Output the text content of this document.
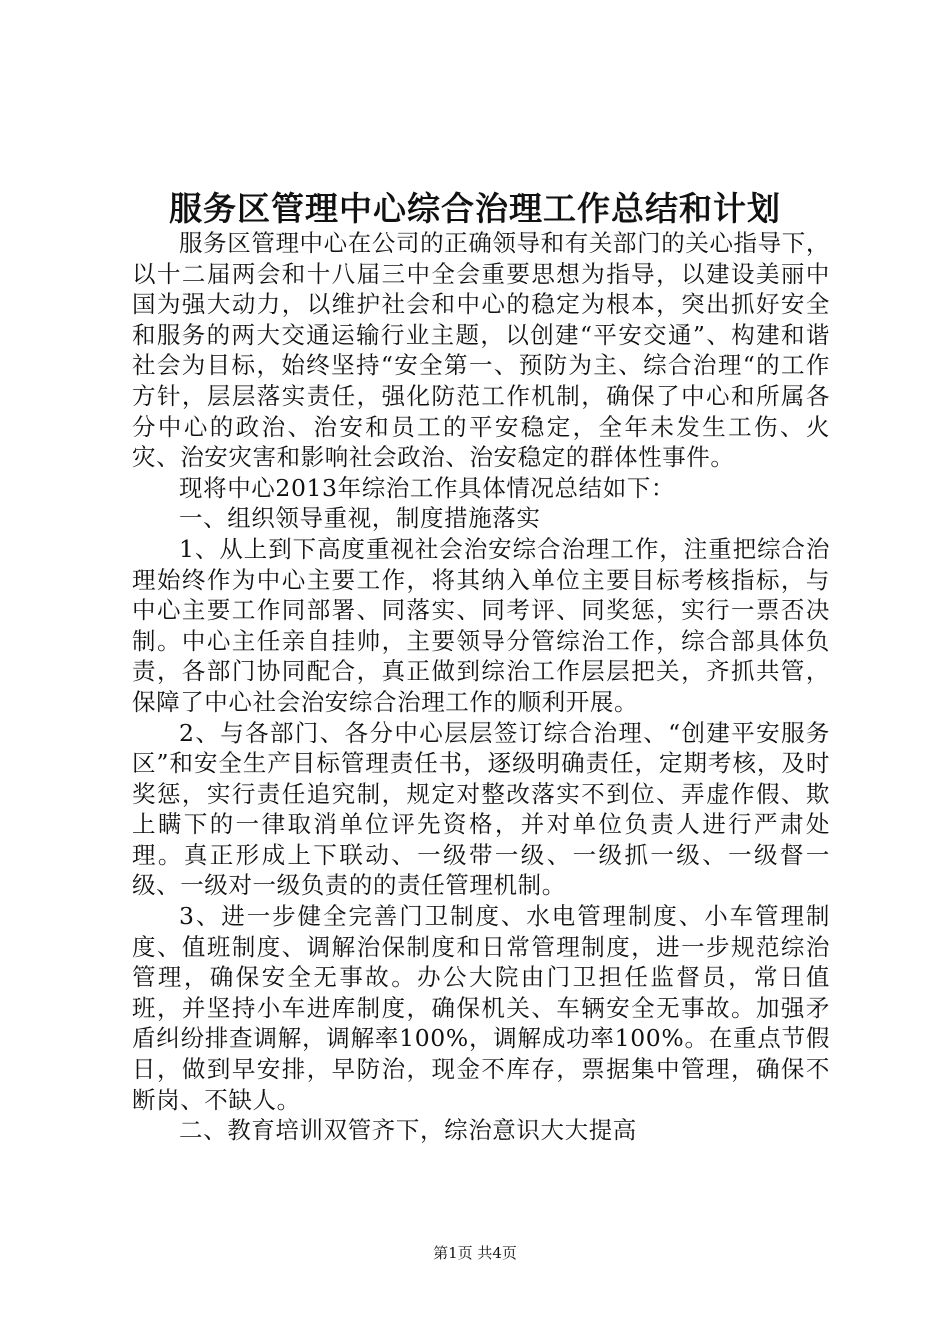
服务区管理中心综合治理工作总结和计划

服务区管理中心在公司的正确领导和有关部门的关心指导下，以十二届两会和十八届三中全会重要思想为指导，以建设美丽中国为强大动力，以维护社会和中心的稳定为根本，突出抓好安全和服务的两大交通运输行业主题，以创建“平安交通”、构建和谐社会为目标，始终坚持“安全第一、预防为主、综合治理“的工作方针，层层落实责任，强化防范工作机制，确保了中心和所属各分中心的政治、治安和员工的平安稳定，全年未发生工伤、火灾、治安灾害和影响社会政治、治安稳定的群体性事件。

现将中心2013年综治工作具体情况总结如下：

一、组织领导重视，制度措施落实

1、从上到下高度重视社会治安综合治理工作，注重把综合治理始终作为中心主要工作，将其纳入单位主要目标考核指标，与中心主要工作同部署、同落实、同考评、同奖惩，实行一票否决制。中心主任亲自挂帅，主要领导分管综治工作，综合部具体负责，各部门协同配合，真正做到综治工作层层把关，齐抓共管，保障了中心社会治安综合治理工作的顺利开展。

2、与各部门、各分中心层层签订综合治理、“创建平安服务区”和安全生产目标管理责任书，逐级明确责任，定期考核，及时奖惩，实行责任追究制，规定对整改落实不到位、弄虚作假、欺上瞒下的一律取消单位评先资格，并对单位负责人进行严肃处理。真正形成上下联动、一级带一级、一级抓一级、一级督一级、一级对一级负责的的责任管理机制。

3、进一步健全完善门卫制度、水电管理制度、小车管理制度、值班制度、调解治保制度和日常管理制度，进一步规范综治管理，确保安全无事故。办公大院由门卫担任监督员，常日值班，并坚持小车进库制度，确保机关、车辆安全无事故。加强矛盾纠纷排查调解，调解率100%，调解成功率100%。在重点节假日，做到早安排，早防治，现金不库存，票据集中管理，确保不断岗、不缺人。

二、教育培训双管齐下，综治意识大大提高

第1页 共4页
